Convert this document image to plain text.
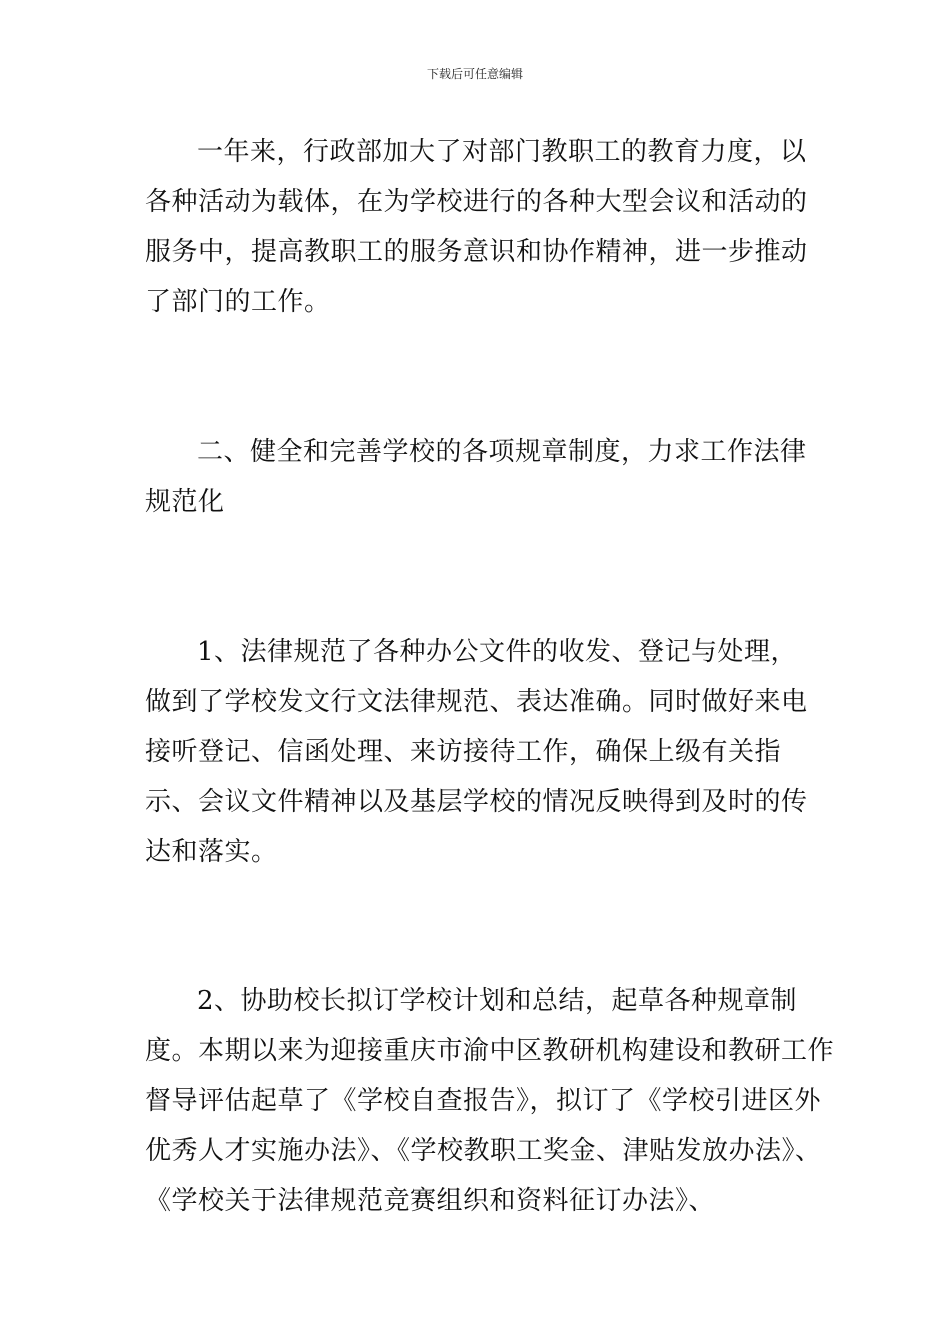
下载后可任意编辑

一年来，行政部加大了对部门教职工的教育力度，以各种活动为载体，在为学校进行的各种大型会议和活动的服务中，提高教职工的服务意识和协作精神，进一步推动了部门的工作。

二、健全和完善学校的各项规章制度，力求工作法律规范化

1、法律规范了各种办公文件的收发、登记与处理，做到了学校发文行文法律规范、表达准确。同时做好来电接听登记、信函处理、来访接待工作，确保上级有关指示、会议文件精神以及基层学校的情况反映得到及时的传达和落实。

2、协助校长拟订学校计划和总结，起草各种规章制度。本期以来为迎接重庆市渝中区教研机构建设和教研工作督导评估起草了《学校自查报告》，拟订了《学校引进区外优秀人才实施办法》、《学校教职工奖金、津贴发放办法》、《学校关于法律规范竞赛组织和资料征订办法》、
